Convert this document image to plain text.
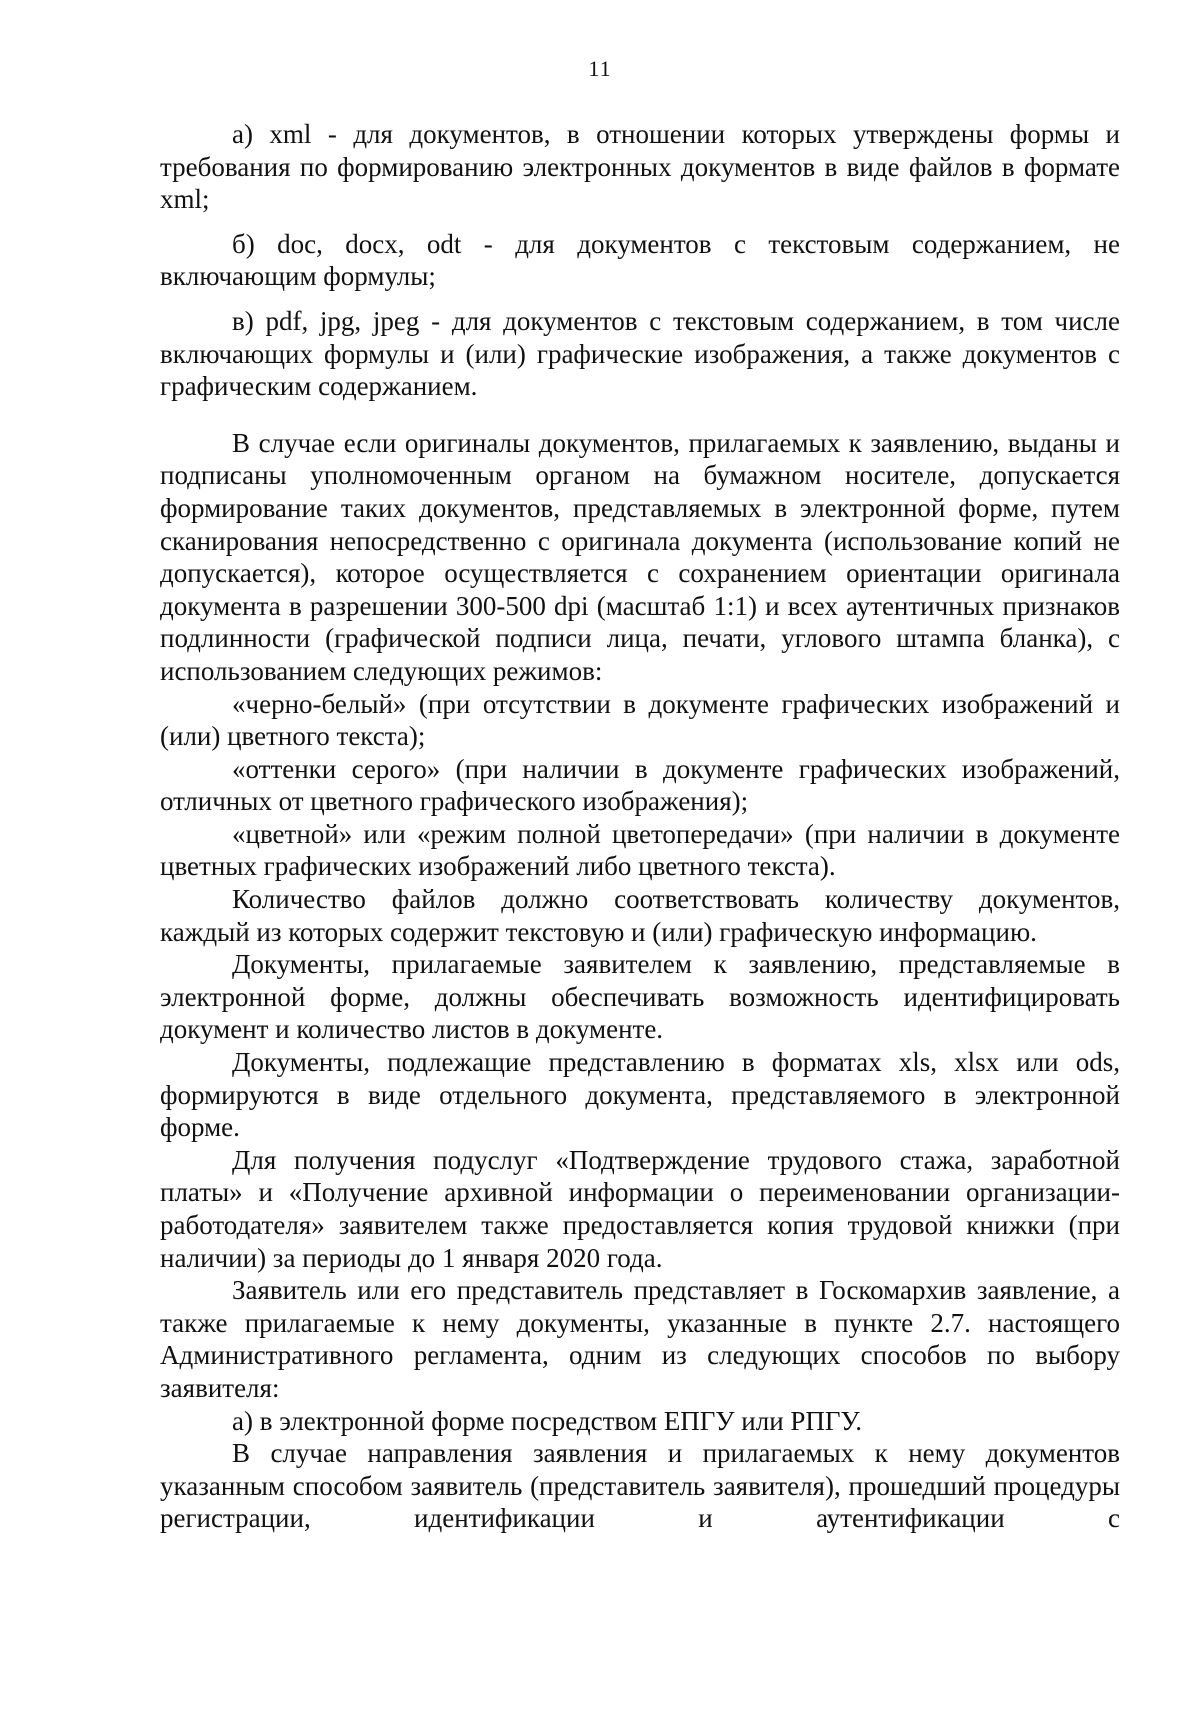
11

а) xml - для документов, в отношении которых утверждены формы и требования по формированию электронных документов в виде файлов в формате xml;

б) doc, docx, odt - для документов с текстовым содержанием, не включающим формулы;

в) pdf, jpg, jpeg - для документов с текстовым содержанием, в том числе включающих формулы и (или) графические изображения, а также документов с графическим содержанием.

В случае если оригиналы документов, прилагаемых к заявлению, выданы и подписаны уполномоченным органом на бумажном носителе, допускается формирование таких документов, представляемых в электронной форме, путем сканирования непосредственно с оригинала документа (использование копий не допускается), которое осуществляется с сохранением ориентации оригинала документа в разрешении 300-500 dpi (масштаб 1:1) и всех аутентичных признаков подлинности (графической подписи лица, печати, углового штампа бланка), с использованием следующих режимов:

«черно-белый» (при отсутствии в документе графических изображений и (или) цветного текста);

«оттенки серого» (при наличии в документе графических изображений, отличных от цветного графического изображения);

«цветной» или «режим полной цветопередачи» (при наличии в документе цветных графических изображений либо цветного текста).

Количество файлов должно соответствовать количеству документов, каждый из которых содержит текстовую и (или) графическую информацию.

Документы, прилагаемые заявителем к заявлению, представляемые в электронной форме, должны обеспечивать возможность идентифицировать документ и количество листов в документе.

Документы, подлежащие представлению в форматах xls, xlsx или ods, формируются в виде отдельного документа, представляемого в электронной форме.

Для получения подуслуг «Подтверждение трудового стажа, заработной платы» и «Получение архивной информации о переименовании организации-работодателя» заявителем также предоставляется копия трудовой книжки (при наличии) за периоды до 1 января 2020 года.

Заявитель или его представитель представляет в Госкомархив заявление, а также прилагаемые к нему документы, указанные в пункте 2.7. настоящего Административного регламента, одним из следующих способов по выбору заявителя:

а) в электронной форме посредством ЕПГУ или РПГУ.

В случае направления заявления и прилагаемых к нему документов указанным способом заявитель (представитель заявителя), прошедший процедуры регистрации, идентификации и аутентификации с
